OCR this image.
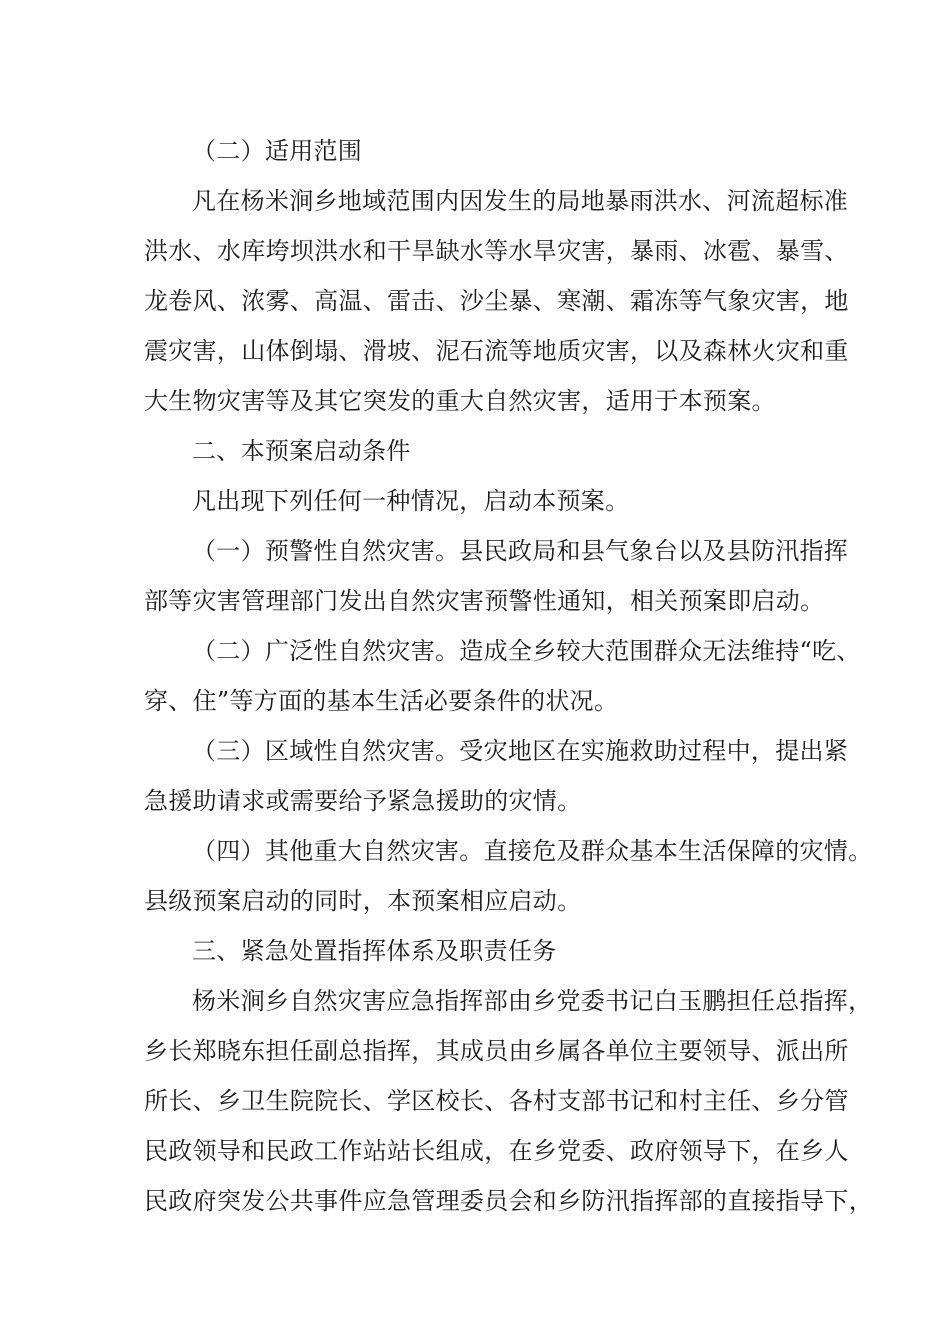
（二）适用范围
凡在杨米涧乡地域范围内因发生的局地暴雨洪水、河流超标准
洪水、水库垮坝洪水和干旱缺水等水旱灾害，暴雨、冰雹、暴雪、
龙卷风、浓雾、高温、雷击、沙尘暴、寒潮、霜冻等气象灾害，地
震灾害，山体倒塌、滑坡、泥石流等地质灾害，以及森林火灾和重
大生物灾害等及其它突发的重大自然灾害，适用于本预案。
二、本预案启动条件
凡出现下列任何一种情况，启动本预案。
（一）预警性自然灾害。县民政局和县气象台以及县防汛指挥
部等灾害管理部门发出自然灾害预警性通知，相关预案即启动。
（二）广泛性自然灾害。造成全乡较大范围群众无法维持“吃、
穿、住”等方面的基本生活必要条件的状况。
（三）区域性自然灾害。受灾地区在实施救助过程中，提出紧
急援助请求或需要给予紧急援助的灾情。
（四）其他重大自然灾害。直接危及群众基本生活保障的灾情。
县级预案启动的同时，本预案相应启动。
三、紧急处置指挥体系及职责任务
杨米涧乡自然灾害应急指挥部由乡党委书记白玉鹏担任总指挥，
乡长郑晓东担任副总指挥，其成员由乡属各单位主要领导、派出所
所长、乡卫生院院长、学区校长、各村支部书记和村主任、乡分管
民政领导和民政工作站站长组成，在乡党委、政府领导下，在乡人
民政府突发公共事件应急管理委员会和乡防汛指挥部的直接指导下，
